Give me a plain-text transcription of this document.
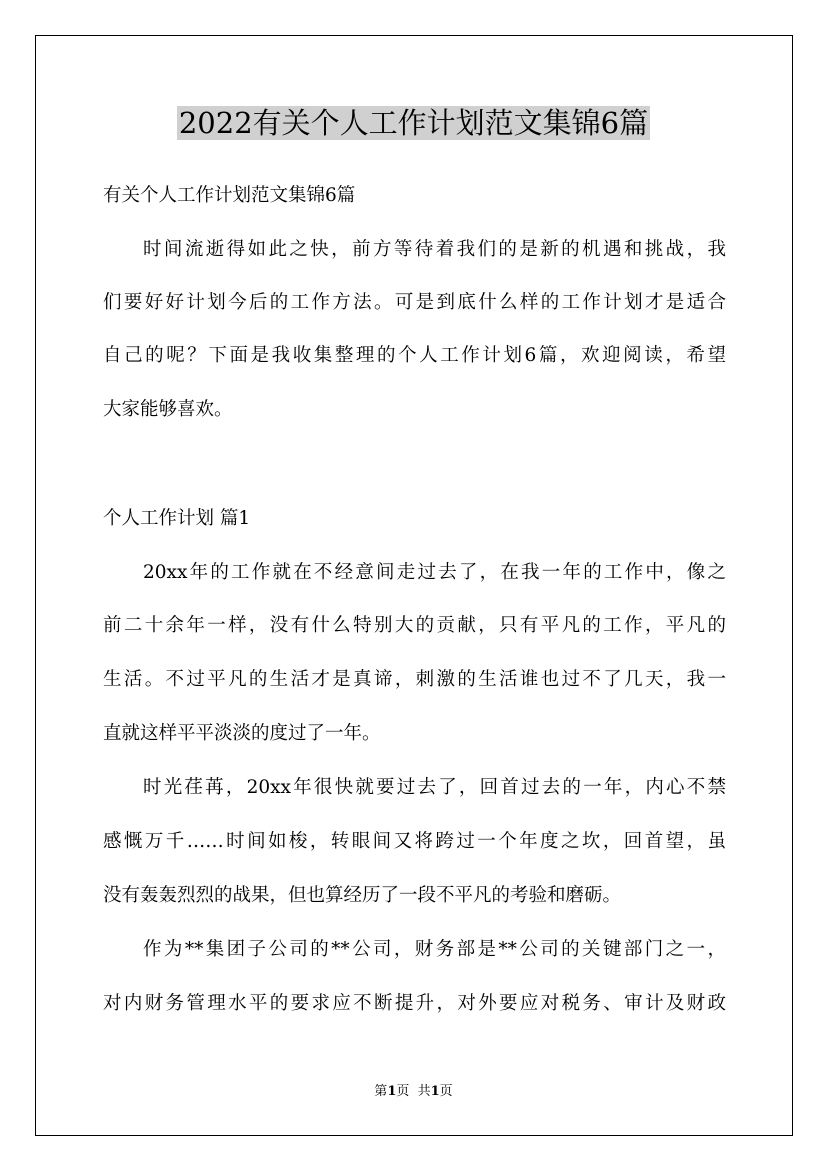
2022有关个人工作计划范文集锦6篇
有关个人工作计划范文集锦6篇
时间流逝得如此之快，前方等待着我们的是新的机遇和挑战，我
们要好好计划今后的工作方法。可是到底什么样的工作计划才是适合
自己的呢？下面是我收集整理的个人工作计划6篇，欢迎阅读，希望
大家能够喜欢。
个人工作计划 篇1
20xx年的工作就在不经意间走过去了，在我一年的工作中，像之
前二十余年一样，没有什么特别大的贡献，只有平凡的工作，平凡的
生活。不过平凡的生活才是真谛，刺激的生活谁也过不了几天，我一
直就这样平平淡淡的度过了一年。
时光荏苒，20xx年很快就要过去了，回首过去的一年，内心不禁
感慨万千……时间如梭，转眼间又将跨过一个年度之坎，回首望，虽
没有轰轰烈烈的战果，但也算经历了一段不平凡的考验和磨砺。
作为**集团子公司的**公司，财务部是**公司的关键部门之一，
对内财务管理水平的要求应不断提升，对外要应对税务、审计及财政
第1页  共1页
